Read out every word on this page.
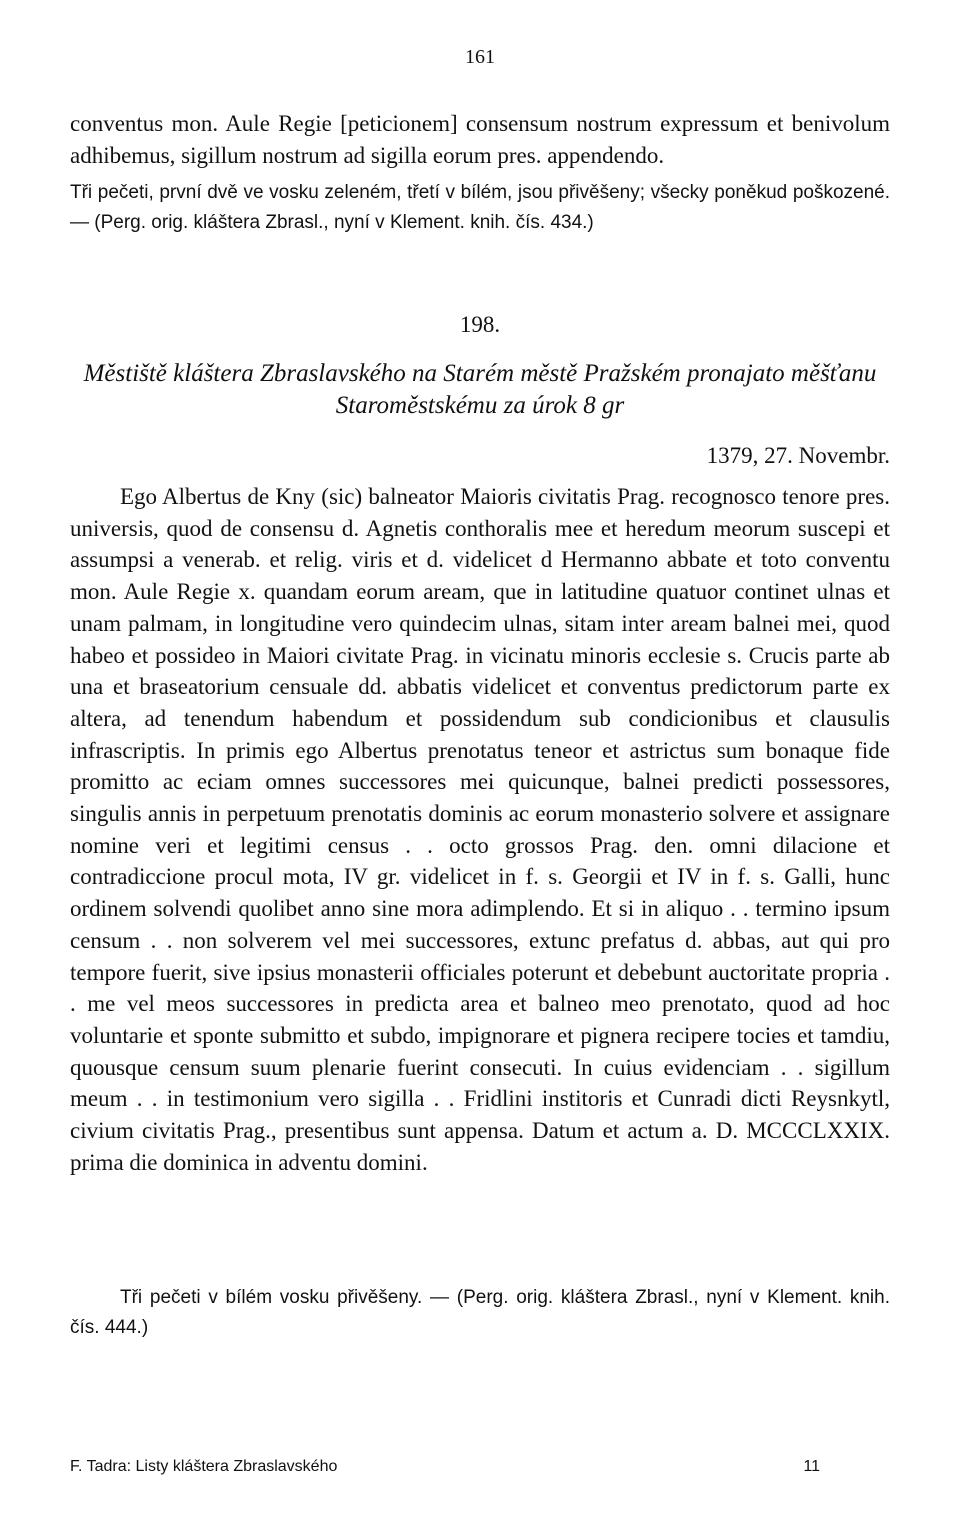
161

conventus mon. Aule Regie [peticionem] consensum nostrum expressum et benivolum adhibemus, sigillum nostrum ad sigilla eorum pres. appendendo.

Tři pečeti, první dvě ve vosku zeleném, třetí v bílém, jsou přivěšeny; všecky poněkud poškozené. — (Perg. orig. kláštera Zbrasl., nyní v Klement. knih. čís. 434.)

198.

Městiště kláštera Zbraslavského na Starém městě Pražském pronajato měšťanu Staroměstskému za úrok 8 gr

1379, 27. Novembr.

Ego Albertus de Kny (sic) balneator Maioris civitatis Prag. recognosco tenore pres. universis, quod de consensu d. Agnetis conthoralis mee et heredum meorum suscepi et assumpsi a venerab. et relig. viris et d. videlicet d Hermanno abbate et toto conventu mon. Aule Regie x. quandam eorum aream, que in latitudine quatuor continet ulnas et unam palmam, in longitudine vero quindecim ulnas, sitam inter aream balnei mei, quod habeo et possideo in Maiori civitate Prag. in vicinatu minoris ecclesie s. Crucis parte ab una et braseatorium censuale dd. abbatis videlicet et conventus predictorum parte ex altera, ad tenendum habendum et possidendum sub condicionibus et clausulis infrascriptis. In primis ego Albertus prenotatus teneor et astrictus sum bonaque fide promitto ac eciam omnes successores mei quicunque, balnei predicti possessores, singulis annis in perpetuum prenotatis dominis ac eorum monasterio solvere et assignare nomine veri et legitimi census . . octo grossos Prag. den. omni dilacione et contradiccione procul mota, IV gr. videlicet in f. s. Georgii et IV in f. s. Galli, hunc ordinem solvendi quolibet anno sine mora adimplendo. Et si in aliquo . . termino ipsum censum . . non solverem vel mei successores, extunc prefatus d. abbas, aut qui pro tempore fuerit, sive ipsius monasterii officiales poterunt et debebunt auctoritate propria . . me vel meos successores in predicta area et balneo meo prenotato, quod ad hoc voluntarie et sponte submitto et subdo, impignorare et pignera recipere tocies et tamdiu, quousque censum suum plenarie fuerint consecuti. In cuius evidenciam . . sigillum meum . . in testimonium vero sigilla . . Fridlini institoris et Cunradi dicti Reysnkytl, civium civitatis Prag., presentibus sunt appensa. Datum et actum a. D. MCCCLXXIX. prima die dominica in adventu domini.

Tři pečeti v bílém vosku přivěšeny. — (Perg. orig. kláštera Zbrasl., nyní v Klement. knih. čís. 444.)

F. Tadra: Listy kláštera Zbraslavského	11
